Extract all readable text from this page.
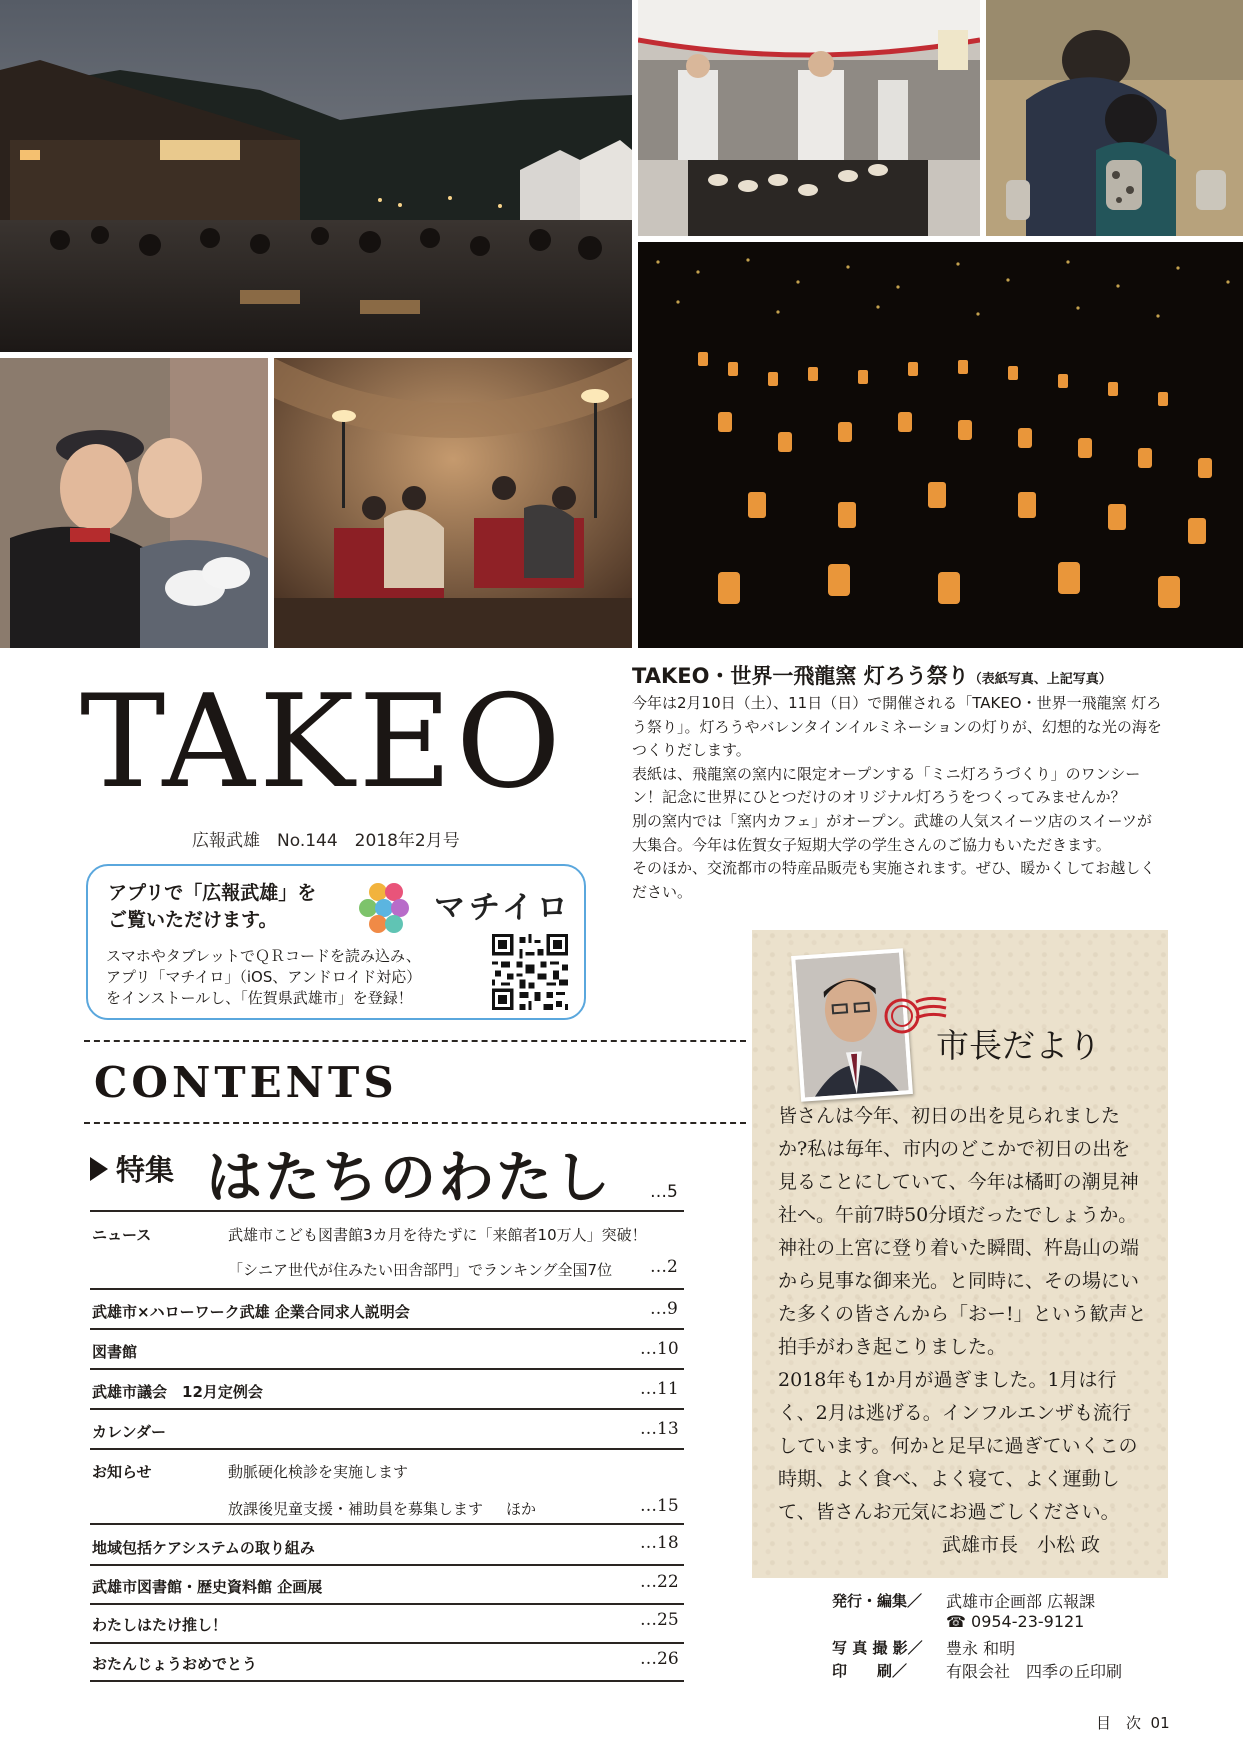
TAKEO
広報武雄　No.144　2018年2月号
アプリで「広報武雄」を
ご覧いただけます。	マチイロ
スマホやタブレットでＱＲコードを読み込み、
アプリ「マチイロ」（iOS、アンドロイド対応）
をインストールし、「佐賀県武雄市」を登録！
CONTENTS
特集 はたちのわたし …5
ニュース	武雄市こども図書館3カ月を待たずに「来館者10万人」突破！
「シニア世代が住みたい田舎部門」でランキング全国7位 …2
武雄市×ハローワーク武雄 企業合同求人説明会	…9
図書館	…10
武雄市議会　12月定例会	…11
カレンダー	…13
お知らせ	動脈硬化検診を実施します
放課後児童支援・補助員を募集します ほか	…15
地域包括ケアシステムの取り組み	…18
武雄市図書館・歴史資料館 企画展	…22
わたしはたけ推し！	…25
おたんじょうおめでとう	…26
TAKEO・世界一飛龍窯 灯ろう祭り（表紙写真、上記写真）
今年は2月10日（土）、11日（日）で開催される「TAKEO・世界一飛龍窯 灯ろう祭り」。灯ろうやバレンタインイルミネーションの灯りが、幻想的な光の海をつくりだします。
表紙は、飛龍窯の窯内に限定オープンする「ミニ灯ろうづくり」のワンシーン！記念に世界にひとつだけのオリジナル灯ろうをつくってみませんか？
別の窯内では「窯内カフェ」がオープン。武雄の人気スイーツ店のスイーツが大集合。今年は佐賀女子短期大学の学生さんのご協力もいただきます。
そのほか、交流都市の特産品販売も実施されます。ぜひ、暖かくしてお越しください。
市長だより
皆さんは今年、初日の出を見られましたか?私は毎年、市内のどこかで初日の出を見ることにしていて、今年は橘町の潮見神社へ。午前7時50分頃だったでしょうか。
神社の上宮に登り着いた瞬間、杵島山の端から見事な御来光。と同時に、その場にいた多くの皆さんから「おー!」という歓声と拍手がわき起こりました。
2018年も1か月が過ぎました。1月は行く、2月は逃げる。インフルエンザも流行しています。何かと足早に過ぎていくこの時期、よく食べ、よく寝て、よく運動して、皆さんお元気にお過ごしください。
武雄市長　小松 政
発行・編集／ 武雄市企画部 広報課
☎ 0954-23-9121
写 真 撮 影／ 豊永 和明
印　　刷／ 有限会社　四季の丘印刷
目　次  01
